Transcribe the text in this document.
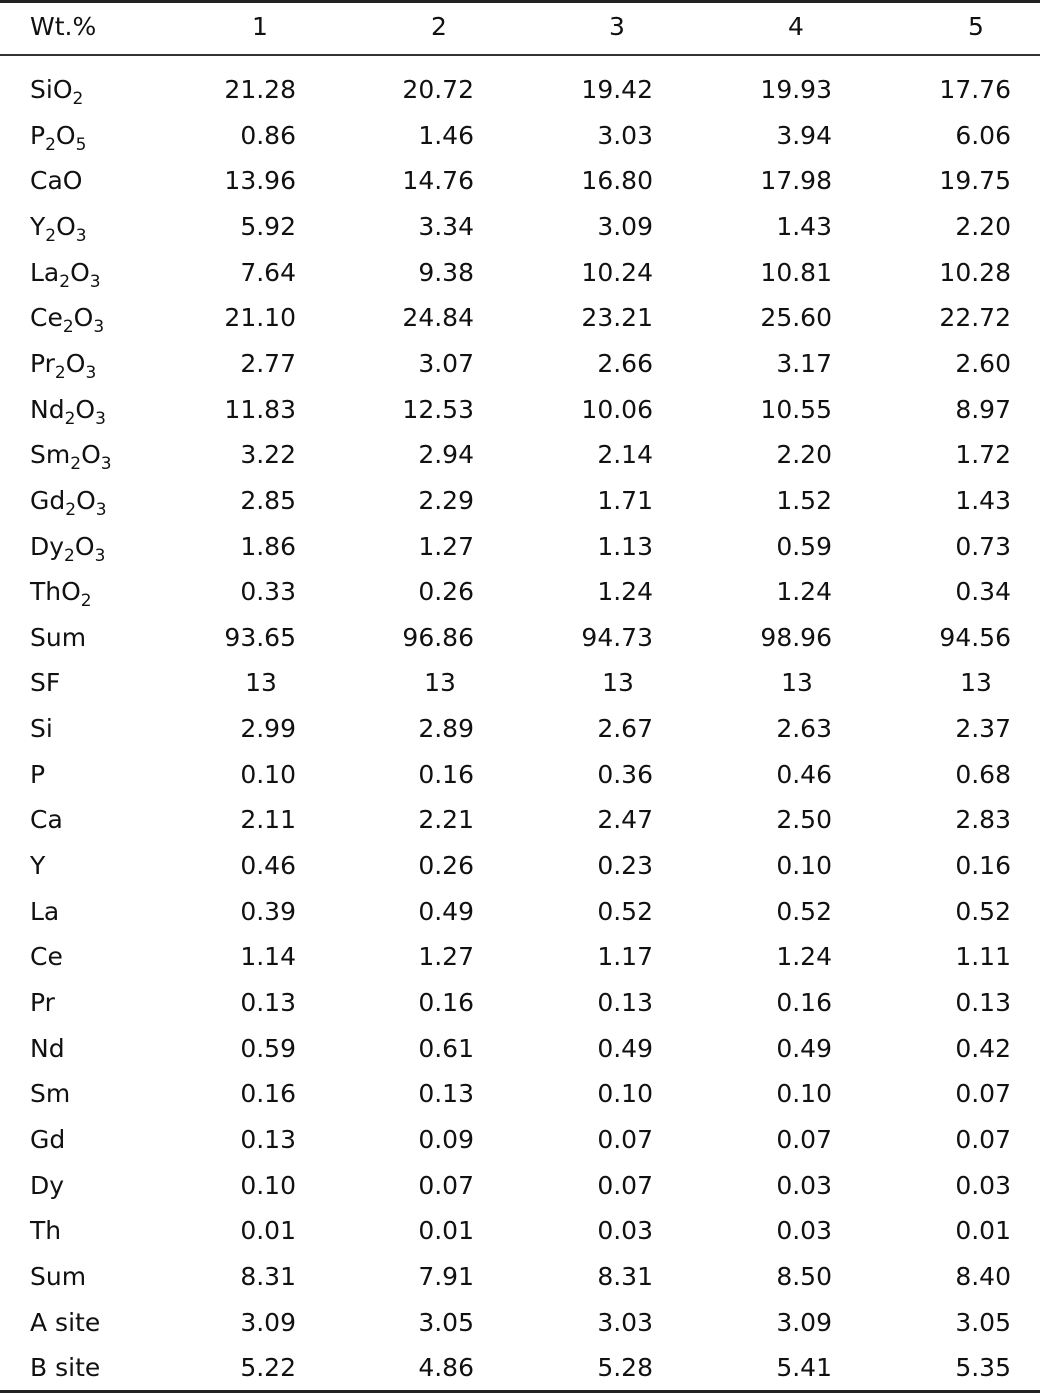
Wt.%	1	2	3	4	5
SiO$_2$	21.28	20.72	19.42	19.93	17.76
$P_2O_5$	0.86	1.46	3.03	3.94	6.06
CaO	13.96	14.76	16.80	17.98	19.75
$Y_2O_3$	5.92	3.34	3.09	1.43	2.20
$La_2O_3$	7.64	9.38	10.24	10.81	10.28
$Ce_2O_3$	21.10	24.84	23.21	25.60	22.72
$Pr_2O_3$	2.77	3.07	2.66	3.17	2.60
$Nd_2O_3$	11.83	12.53	10.06	10.55	8.97
$Sm_2O_3$	3.22	2.94	2.14	2.20	1.72
$Gd_2O_3$	2.85	2.29	1.71	1.52	1.43
$Dy_2O_3$	1.86	1.27	1.13	0.59	0.73
ThO$_2$	0.33	0.26	1.24	1.24	0.34
Sum	93.65	96.86	94.73	98.96	94.56
SF	13	13	13	13	13
Si	2.99	2.89	2.67	2.63	2.37
P	0.10	0.16	0.36	0.46	0.68
Ca	2.11	2.21	2.47	2.50	2.83
Y	0.46	0.26	0.23	0.10	0.16
La	0.39	0.49	0.52	0.52	0.52
Ce	1.14	1.27	1.17	1.24	1.11
Pr	0.13	0.16	0.13	0.16	0.13
Nd	0.59	0.61	0.49	0.49	0.42
Sm	0.16	0.13	0.10	0.10	0.07
Gd	0.13	0.09	0.07	0.07	0.07
Dy	0.10	0.07	0.07	0.03	0.03
Th	0.01	0.01	0.03	0.03	0.01
Sum	8.31	7.91	8.31	8.50	8.40
A site	3.09	3.05	3.03	3.09	3.05
B site	5.22	4.86	5.28	5.41	5.35
